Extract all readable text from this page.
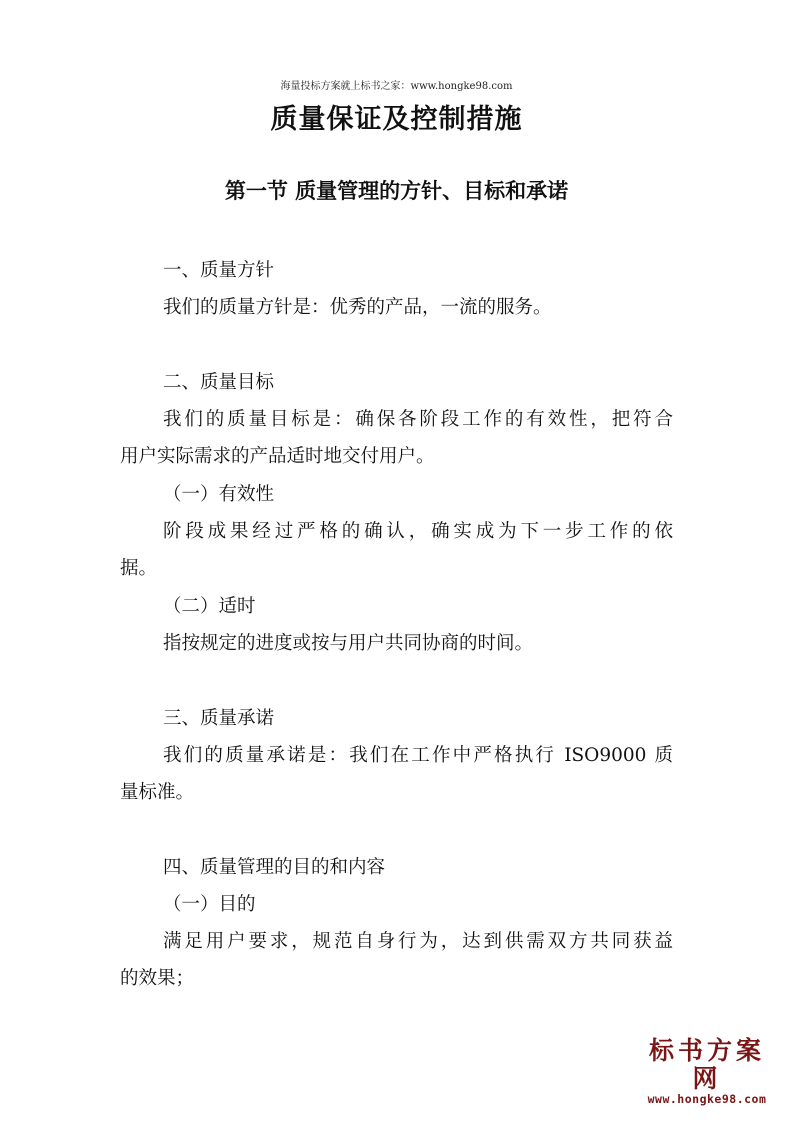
海量投标方案就上标书之家：www.hongke98.com
质量保证及控制措施
第一节 质量管理的方针、目标和承诺

一、质量方针

我们的质量方针是：优秀的产品，一流的服务。

二、质量目标

我们的质量目标是：确保各阶段工作的有效性，把符合

用户实际需求的产品适时地交付用户。

（一）有效性

阶段成果经过严格的确认，确实成为下一步工作的依

据。

（二）适时

指按规定的进度或按与用户共同协商的时间。

三、质量承诺

我们的质量承诺是：我们在工作中严格执行 ISO9000 质

量标准。

四、质量管理的目的和内容

（一）目的

满足用户要求，规范自身行为，达到供需双方共同获益

的效果；

标书方案网
www.hongke98.com
